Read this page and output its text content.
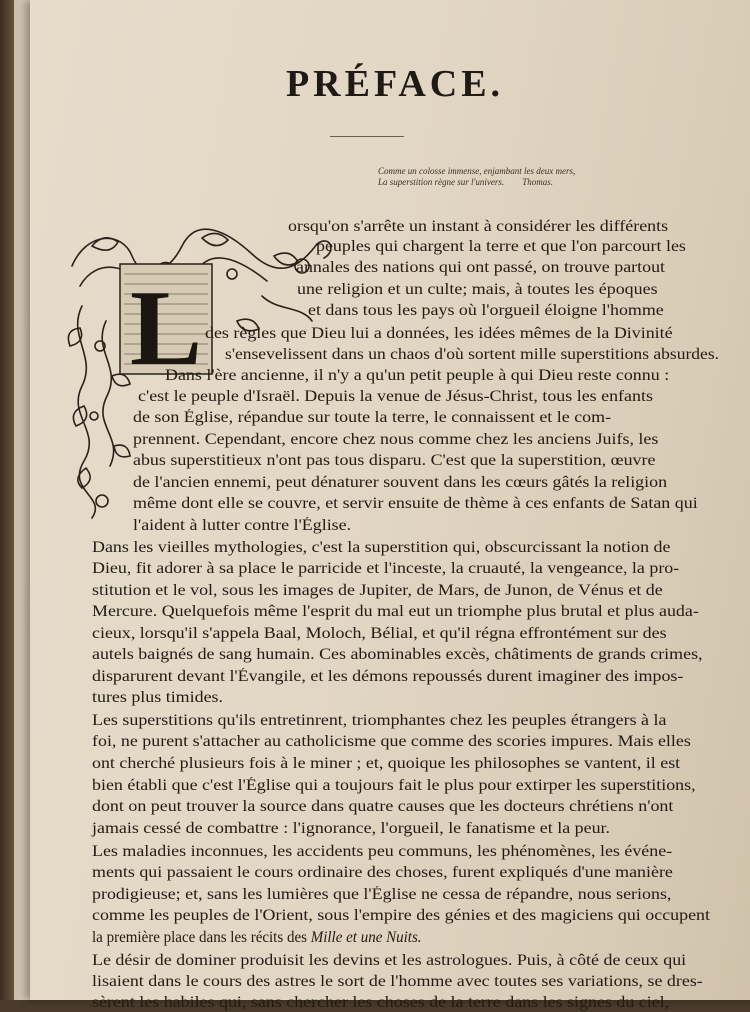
PRÉFACE.
Comme un colosse immense, enjambant les deux mers,
La superstition règne sur l'univers. Thomas.
L
orsqu'on s'arrête un instant à considérer les différents
peuples qui chargent la terre et que l'on parcourt les
annales des nations qui ont passé, on trouve partout
une religion et un culte; mais, à toutes les époques
et dans tous les pays où l'orgueil éloigne l'homme
des règles que Dieu lui a données, les idées mêmes de la Divinité
s'ensevelissent dans un chaos d'où sortent mille superstitions absurdes.
Dans l'ère ancienne, il n'y a qu'un petit peuple à qui Dieu reste connu :
c'est le peuple d'Israël. Depuis la venue de Jésus-Christ, tous les enfants
de son Église, répandue sur toute la terre, le connaissent et le com-
prennent. Cependant, encore chez nous comme chez les anciens Juifs, les
abus superstitieux n'ont pas tous disparu. C'est que la superstition, œuvre
de l'ancien ennemi, peut dénaturer souvent dans les cœurs gâtés la religion
même dont elle se couvre, et servir ensuite de thème à ces enfants de Satan qui
l'aident à lutter contre l'Église.
Dans les vieilles mythologies, c'est la superstition qui, obscurcissant la notion de
Dieu, fit adorer à sa place le parricide et l'inceste, la cruauté, la vengeance, la pro-
stitution et le vol, sous les images de Jupiter, de Mars, de Junon, de Vénus et de
Mercure. Quelquefois même l'esprit du mal eut un triomphe plus brutal et plus auda-
cieux, lorsqu'il s'appela Baal, Moloch, Bélial, et qu'il régna effrontément sur des
autels baignés de sang humain. Ces abominables excès, châtiments de grands crimes,
disparurent devant l'Évangile, et les démons repoussés durent imaginer des impos-
tures plus timides.
Les superstitions qu'ils entretinrent, triomphantes chez les peuples étrangers à la
foi, ne purent s'attacher au catholicisme que comme des scories impures. Mais elles
ont cherché plusieurs fois à le miner ; et, quoique les philosophes se vantent, il est
bien établi que c'est l'Église qui a toujours fait le plus pour extirper les superstitions,
dont on peut trouver la source dans quatre causes que les docteurs chrétiens n'ont
jamais cessé de combattre : l'ignorance, l'orgueil, le fanatisme et la peur.
Les maladies inconnues, les accidents peu communs, les phénomènes, les événe-
ments qui passaient le cours ordinaire des choses, furent expliqués d'une manière
prodigieuse; et, sans les lumières que l'Église ne cessa de répandre, nous serions,
comme les peuples de l'Orient, sous l'empire des génies et des magiciens qui occupent
la première place dans les récits des Mille et une Nuits.
Le désir de dominer produisit les devins et les astrologues. Puis, à côté de ceux qui
lisaient dans le cours des astres le sort de l'homme avec toutes ses variations, se dres-
sèrent les habiles qui, sans chercher les choses de la terre dans les signes du ciel,
